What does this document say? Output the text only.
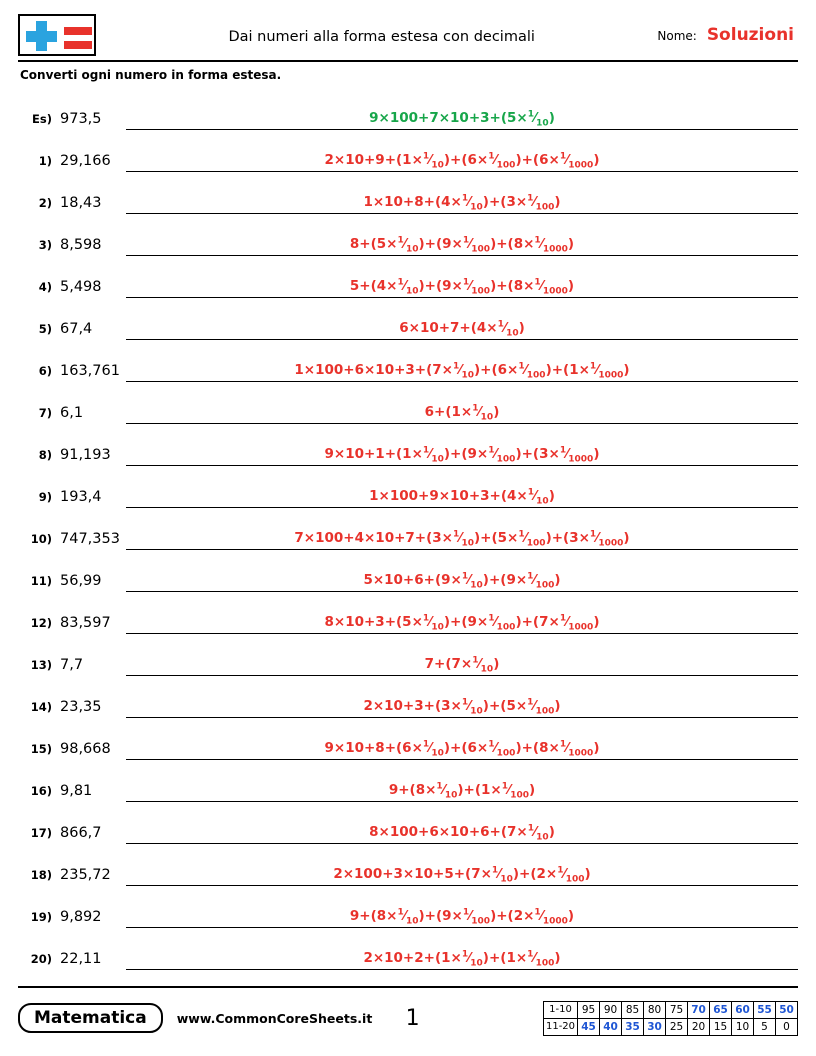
Dai numeri alla forma estesa con decimali	Nome: Soluzioni
Converti ogni numero in forma estesa.
Es) 973,5	$9\times 100+7\times 10+3+(5\times^1⁄_{10})$
1) 29,166	$2\times 10+9+(1\times^1⁄_{10})+(6\times^1⁄_{100})+(6\times^1⁄_{1000})$
2) 18,43	$1\times 10+8+(4\times^1⁄_{10})+(3\times^1⁄_{100})$
3) 8,598	$8+(5\times^1⁄_{10})+(9\times^1⁄_{100})+(8\times^1⁄_{1000})$
4) 5,498	$5+(4\times^1⁄_{10})+(9\times^1⁄_{100})+(8\times^1⁄_{1000})$
5) 67,4	$6\times 10+7+(4\times^1⁄_{10})$
6) 163,761	$1\times 100+6\times 10+3+(7\times^1⁄_{10})+(6\times^1⁄_{100})+(1\times^1⁄_{1000})$
7) 6,1	$6+(1\times^1⁄_{10})$
8) 91,193	$9\times 10+1+(1\times^1⁄_{10})+(9\times^1⁄_{100})+(3\times^1⁄_{1000})$
9) 193,4	$1\times 100+9\times 10+3+(4\times^1⁄_{10})$
10) 747,353	$7\times 100+4\times 10+7+(3\times^1⁄_{10})+(5\times^1⁄_{100})+(3\times^1⁄_{1000})$
11) 56,99	$5\times 10+6+(9\times^1⁄_{10})+(9\times^1⁄_{100})$
12) 83,597	$8\times 10+3+(5\times^1⁄_{10})+(9\times^1⁄_{100})+(7\times^1⁄_{1000})$
13) 7,7	$7+(7\times^1⁄_{10})$
14) 23,35	$2\times 10+3+(3\times^1⁄_{10})+(5\times^1⁄_{100})$
15) 98,668	$9\times 10+8+(6\times^1⁄_{10})+(6\times^1⁄_{100})+(8\times^1⁄_{1000})$
16) 9,81	$9+(8\times^1⁄_{10})+(1\times^1⁄_{100})$
17) 866,7	$8\times 100+6\times 10+6+(7\times^1⁄_{10})$
18) 235,72	$2\times 100+3\times 10+5+(7\times^1⁄_{10})+(2\times^1⁄_{100})$
19) 9,892	$9+(8\times^1⁄_{10})+(9\times^1⁄_{100})+(2\times^1⁄_{1000})$
20) 22,11	$2\times 10+2+(1\times^1⁄_{10})+(1\times^1⁄_{100})$
Matematica	www.CommonCoreSheets.it	1	1-10	95	90	85	80	75	70	65	60	55	50
11-20	45	40	35	30	25	20	15	10	5	0
